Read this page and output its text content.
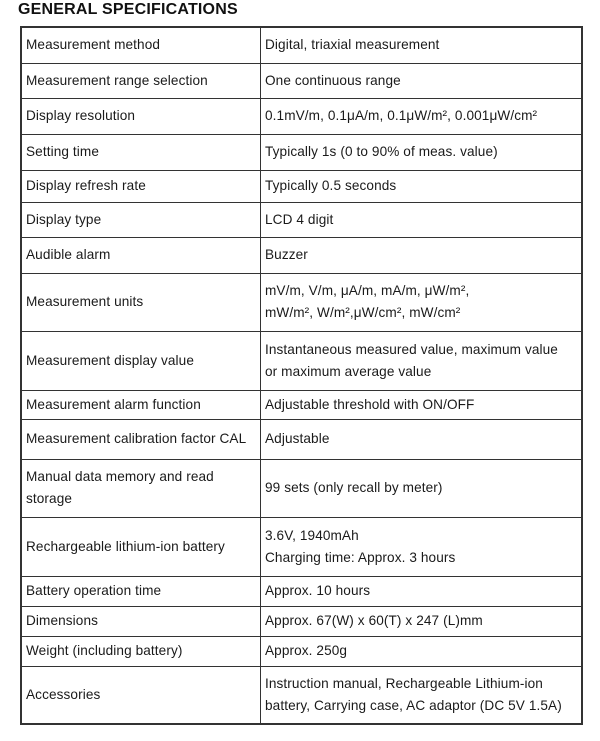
GENERAL SPECIFICATIONS
Measurement method	Digital, triaxial measurement

Measurement range selection	One continuous range

Display resolution	0.1mV/m, 0.1μA/m, 0.1μW/m², 0.001μW/cm²

Setting time	Typically 1s (0 to 90% of meas. value)

Display refresh rate	Typically 0.5 seconds

Display type	LCD 4 digit

Audible alarm	Buzzer

Measurement units	mV/m, V/m, μA/m, mA/m, μW/m²,
mW/m², W/m²,μW/cm², mW/cm²

Measurement display value	Instantaneous measured value, maximum value
or maximum average value

Measurement alarm function	Adjustable threshold with ON/OFF

Measurement calibration factor CAL	Adjustable

Manual data memory and read
storage	99 sets (only recall by meter)

Rechargeable lithium-ion battery	3.6V, 1940mAh
Charging time: Approx. 3 hours

Battery operation time	Approx. 10 hours

Dimensions	Approx. 67(W) x 60(T) x 247 (L)mm

Weight (including battery)	Approx. 250g

Accessories	Instruction manual, Rechargeable Lithium-ion
battery, Carrying case, AC adaptor (DC 5V 1.5A)
